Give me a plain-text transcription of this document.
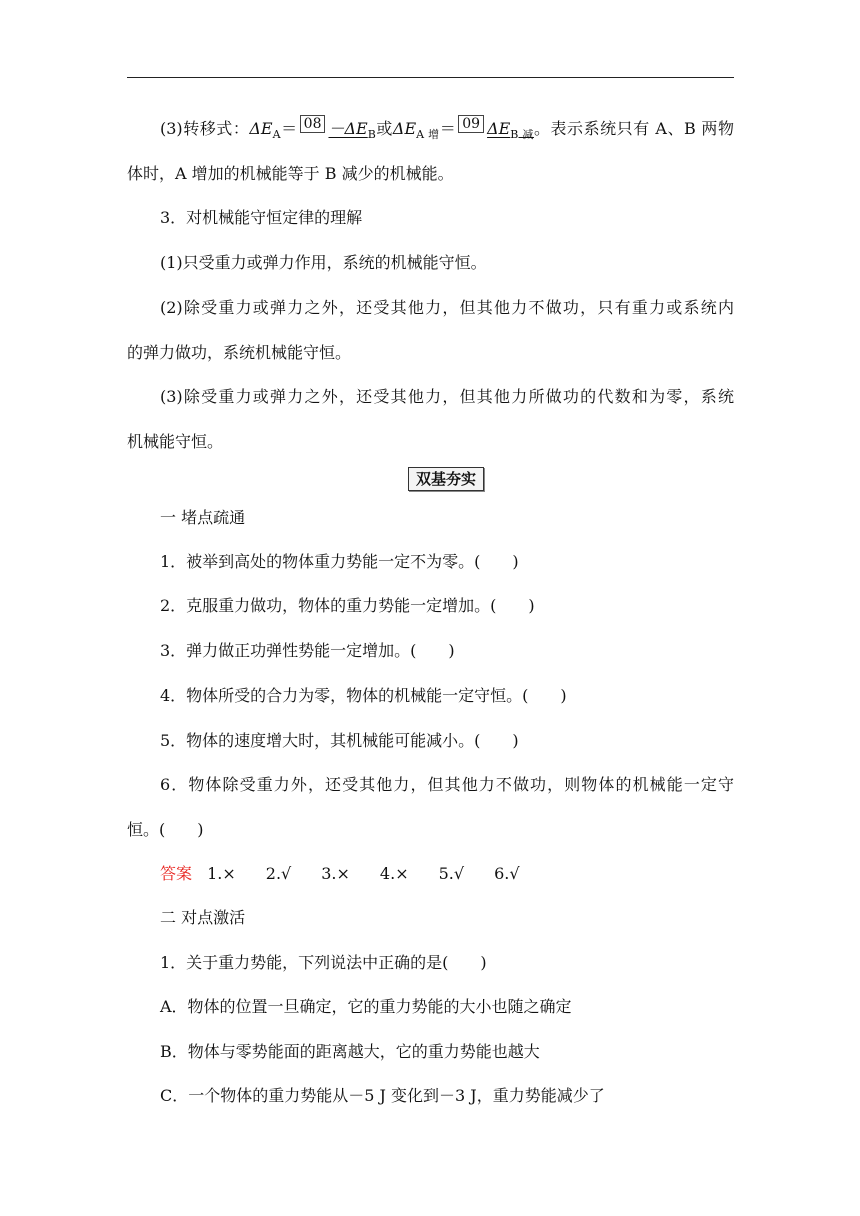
(3)转移式：$\Delta E_A= 08 -\Delta E_B$或$\Delta E_{A 增}= 09$ $\Delta E_{B 减}$。表示系统只有 A、B 两物
体时，A 增加的机械能等于 B 减少的机械能。
3．对机械能守恒定律的理解
(1)只受重力或弹力作用，系统的机械能守恒。
(2)除受重力或弹力之外，还受其他力，但其他力不做功，只有重力或系统内
的弹力做功，系统机械能守恒。
(3)除受重力或弹力之外，还受其他力，但其他力所做功的代数和为零，系统
机械能守恒。
双基夯实
一 堵点疏通
1．被举到高处的物体重力势能一定不为零。(　　)
2．克服重力做功，物体的重力势能一定增加。(　　)
3．弹力做正功弹性势能一定增加。(　　)
4．物体所受的合力为零，物体的机械能一定守恒。(　　)
5．物体的速度增大时，其机械能可能减小。(　　)
6．物体除受重力外，还受其他力，但其他力不做功，则物体的机械能一定守
恒。(　　)
答案 1.× 2.√ 3.× 4.× 5.√ 6.√
二 对点激活
1．关于重力势能，下列说法中正确的是(　　)
A．物体的位置一旦确定，它的重力势能的大小也随之确定
B．物体与零势能面的距离越大，它的重力势能也越大
C．一个物体的重力势能从－5 J 变化到－3 J，重力势能减少了
